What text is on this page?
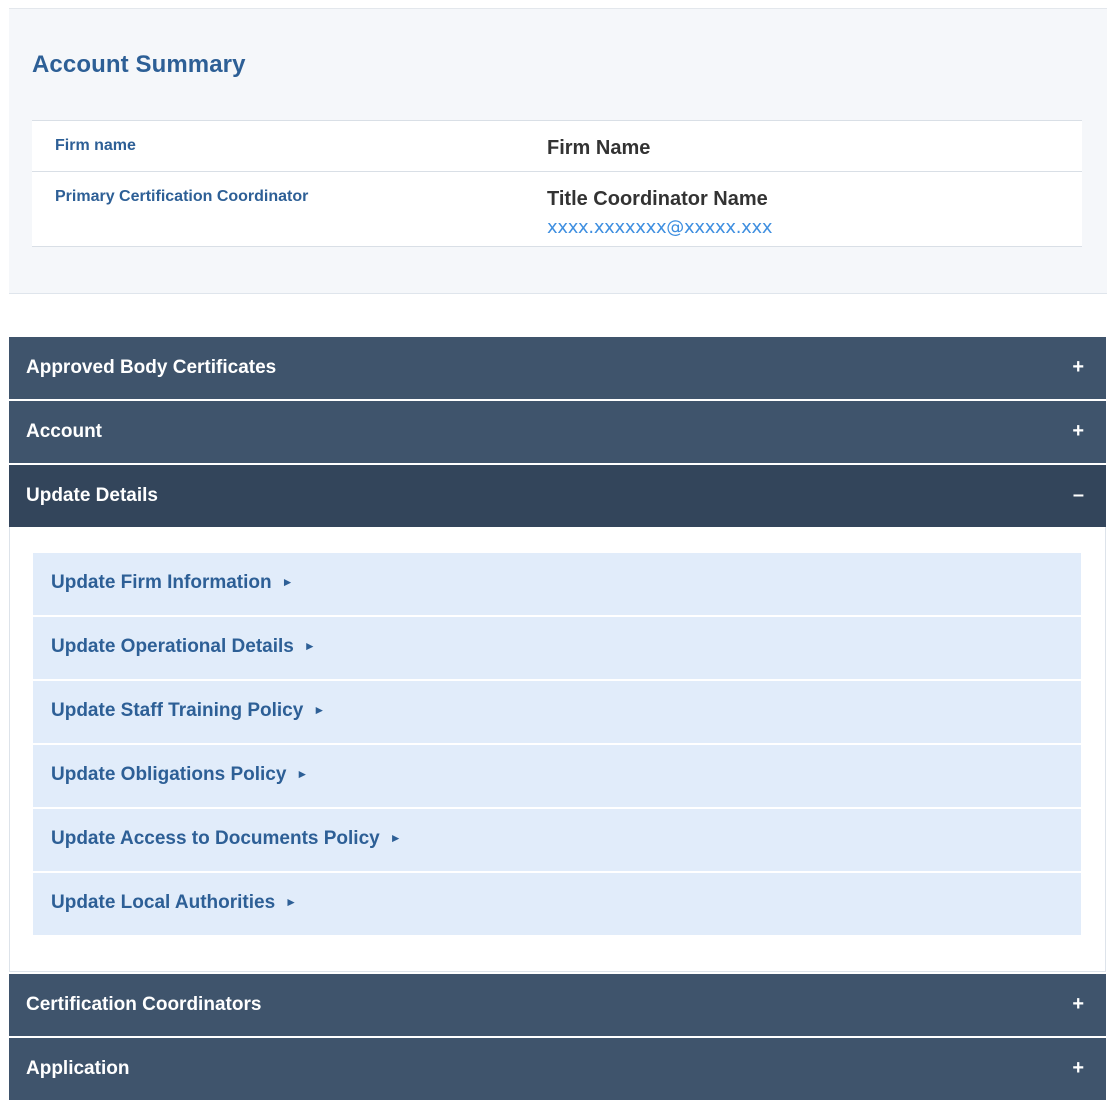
Account Summary
Firm name	Firm Name
Primary Certification Coordinator	Title Coordinator Name
xxxx.xxxxxxx@xxxxx.xxx
Approved Body Certificates	+
Account	+
Update Details	–
Update Firm Information ►
Update Operational Details ►
Update Staff Training Policy ►
Update Obligations Policy ►
Update Access to Documents Policy ►
Update Local Authorities ►
Certification Coordinators	+
Application	+
